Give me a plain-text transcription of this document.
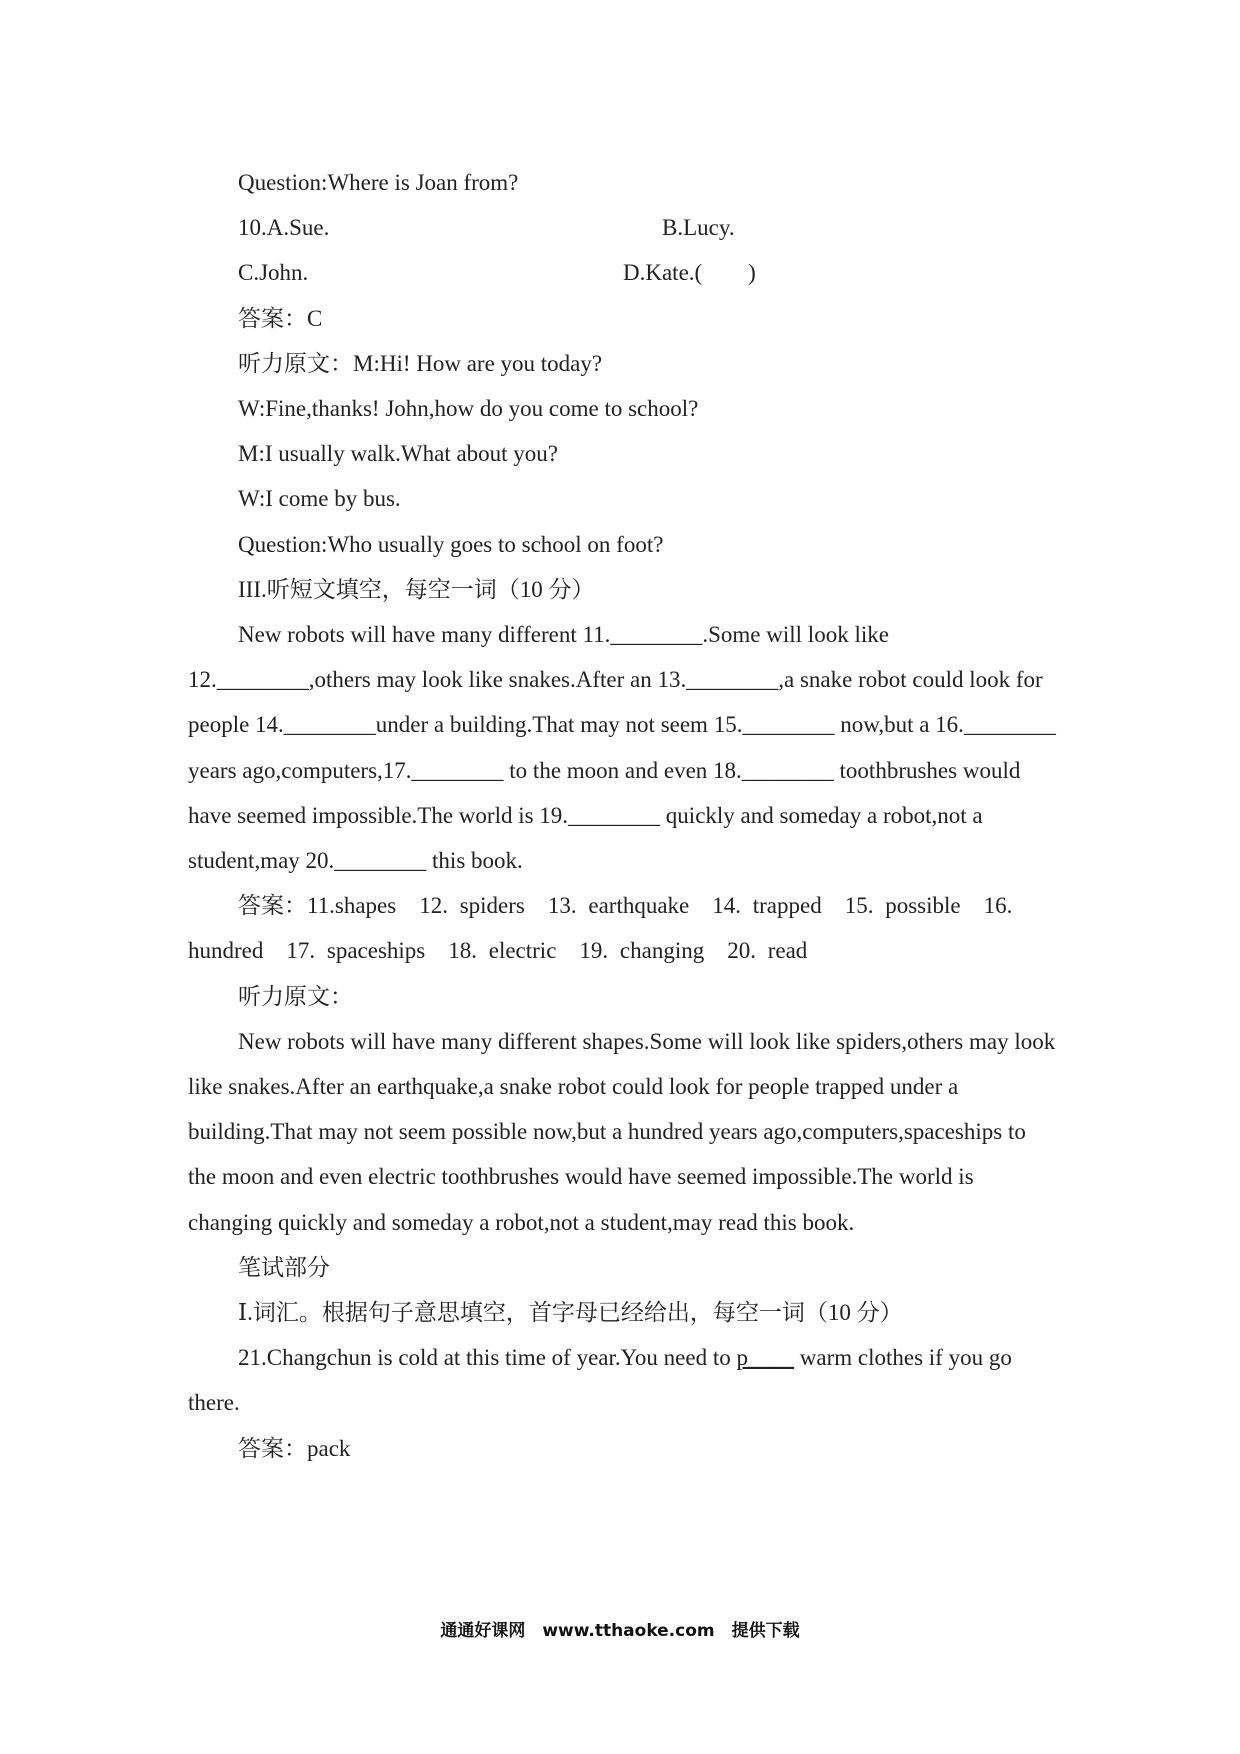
Question:Where is Joan from?

10.A.Sue.	B.Lucy.
C.John.	D.Kate.(　　)

答案：C

听力原文：M:Hi! How are you today?

W:Fine,thanks! John,how do you come to school?

M:I usually walk.What about you?

W:I come by bus.

Question:Who usually goes to school on foot?

III.听短文填空，每空一词（10 分）

New robots will have many different 11.________.Some will look like 12.________,others may look like snakes.After an 13.________,a snake robot could look for people 14.________under a building.That may not seem 15.________ now,but a 16.________ years ago,computers,17.________ to the moon and even 18.________ toothbrushes would have seemed impossible.The world is 19.________ quickly and someday a robot,not a student,may 20.________ this book.

答案：11.shapes　12. spiders　13. earthquake　14. trapped　15. possible　16. hundred　17. spaceships　18. electric　19. changing　20. read

听力原文：

New robots will have many different shapes.Some will look like spiders,others may look like snakes.After an earthquake,a snake robot could look for people trapped under a building.That may not seem possible now,but a hundred years ago,computers,spaceships to the moon and even electric toothbrushes would have seemed impossible.The world is changing quickly and someday a robot,not a student,may read this book.

笔试部分

Ⅰ.词汇。根据句子意思填空，首字母已经给出，每空一词（10 分）

21.Changchun is cold at this time of year.You need to p____ warm clothes if you go there.

答案：pack

通通好课网　www.tthaoke.com　提供下载
